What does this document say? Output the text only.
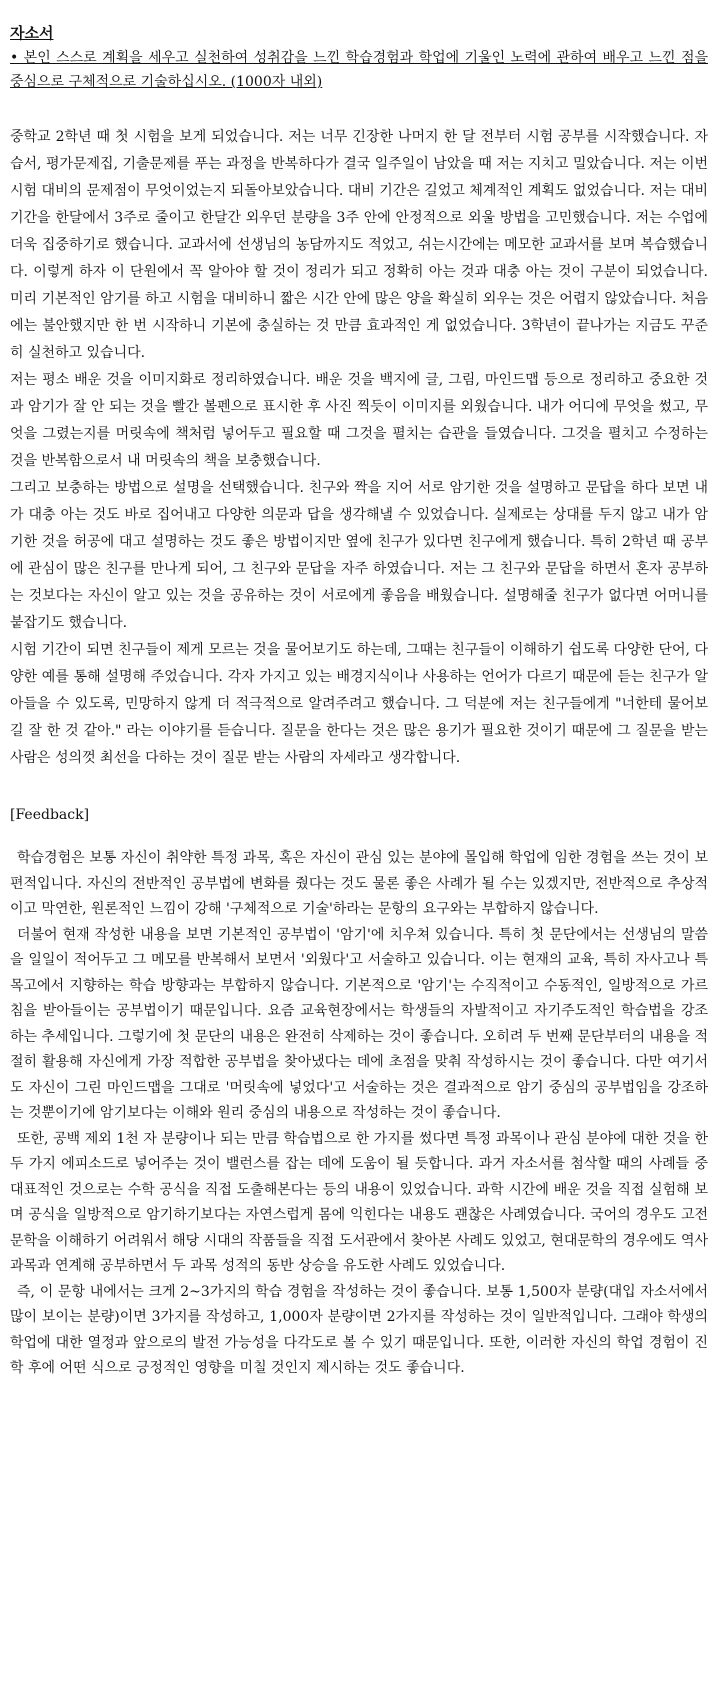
자소서
• 본인 스스로 계획을 세우고 실천하여 성취감을 느낀 학습경험과 학업에 기울인 노력에 관하여 배우고 느낀 점을 중심으로 구체적으로 기술하십시오. (1000자 내외)

중학교 2학년 때 첫 시험을 보게 되었습니다. 저는 너무 긴장한 나머지 한 달 전부터 시험 공부를 시작했습니다. 자습서, 평가문제집, 기출문제를 푸는 과정을 반복하다가 결국 일주일이 남았을 때 저는 지치고 밀았습니다. 저는 이번 시험 대비의 문제점이 무엇이었는지 되돌아보았습니다. 대비 기간은 길었고 체계적인 계획도 없었습니다. 저는 대비 기간을 한달에서 3주로 줄이고 한달간 외우던 분량을 3주 안에 안정적으로 외울 방법을 고민했습니다. 저는 수업에 더욱 집중하기로 했습니다. 교과서에 선생님의 농담까지도 적었고, 쉬는시간에는 메모한 교과서를 보며 복습했습니다. 이렇게 하자 이 단원에서 꼭 알아야 할 것이 정리가 되고 정확히 아는 것과 대충 아는 것이 구분이 되었습니다. 미리 기본적인 암기를 하고 시험을 대비하니 짧은 시간 안에 많은 양을 확실히 외우는 것은 어렵지 않았습니다. 처음에는 불안했지만 한 번 시작하니 기본에 충실하는 것 만큼 효과적인 게 없었습니다. 3학년이 끝나가는 지금도 꾸준히 실천하고 있습니다.

저는 평소 배운 것을 이미지화로 정리하였습니다. 배운 것을 백지에 글, 그림, 마인드맵 등으로 정리하고 중요한 것과 암기가 잘 안 되는 것을 빨간 볼펜으로 표시한 후 사진 찍듯이 이미지를 외웠습니다. 내가 어디에 무엇을 썼고, 무엇을 그렸는지를 머릿속에 책처럼 넣어두고 필요할 때 그것을 펼치는 습관을 들였습니다. 그것을 펼치고 수정하는 것을 반복함으로서 내 머릿속의 책을 보충했습니다.

그리고 보충하는 방법으로 설명을 선택했습니다. 친구와 짝을 지어 서로 암기한 것을 설명하고 문답을 하다 보면 내가 대충 아는 것도 바로 집어내고 다양한 의문과 답을 생각해낼 수 있었습니다. 실제로는 상대를 두지 않고 내가 암기한 것을 허공에 대고 설명하는 것도 좋은 방법이지만 옆에 친구가 있다면 친구에게 했습니다. 특히 2학년 때 공부에 관심이 많은 친구를 만나게 되어, 그 친구와 문답을 자주 하였습니다. 저는 그 친구와 문답을 하면서 혼자 공부하는 것보다는 자신이 알고 있는 것을 공유하는 것이 서로에게 좋음을 배웠습니다. 설명해줄 친구가 없다면 어머니를 붙잡기도 했습니다.

시험 기간이 되면 친구들이 제게 모르는 것을 물어보기도 하는데, 그때는 친구들이 이해하기 쉽도록 다양한 단어, 다양한 예를 통해 설명해 주었습니다. 각자 가지고 있는 배경지식이나 사용하는 언어가 다르기 때문에 듣는 친구가 알아들을 수 있도록, 민망하지 않게 더 적극적으로 알려주려고 했습니다. 그 덕분에 저는 친구들에게 "너한테 물어보길 잘 한 것 같아." 라는 이야기를 듣습니다. 질문을 한다는 것은 많은 용기가 필요한 것이기 때문에 그 질문을 받는 사람은 성의껏 최선을 다하는 것이 질문 받는 사람의 자세라고 생각합니다.

[Feedback]

학습경험은 보통 자신이 취약한 특정 과목, 혹은 자신이 관심 있는 분야에 몰입해 학업에 임한 경험을 쓰는 것이 보편적입니다. 자신의 전반적인 공부법에 변화를 줬다는 것도 물론 좋은 사례가 될 수는 있겠지만, 전반적으로 추상적이고 막연한, 원론적인 느낌이 강해 '구체적으로 기술'하라는 문항의 요구와는 부합하지 않습니다.

더불어 현재 작성한 내용을 보면 기본적인 공부법이 '암기'에 치우쳐 있습니다. 특히 첫 문단에서는 선생님의 말씀을 일일이 적어두고 그 메모를 반복해서 보면서 '외웠다'고 서술하고 있습니다. 이는 현재의 교육, 특히 자사고나 특목고에서 지향하는 학습 방향과는 부합하지 않습니다. 기본적으로 '암기'는 수직적이고 수동적인, 일방적으로 가르침을 받아들이는 공부법이기 때문입니다. 요즘 교육현장에서는 학생들의 자발적이고 자기주도적인 학습법을 강조하는 추세입니다. 그렇기에 첫 문단의 내용은 완전히 삭제하는 것이 좋습니다. 오히려 두 번째 문단부터의 내용을 적절히 활용해 자신에게 가장 적합한 공부법을 찾아냈다는 데에 초점을 맞춰 작성하시는 것이 좋습니다. 다만 여기서도 자신이 그린 마인드맵을 그대로 '머릿속에 넣었다'고 서술하는 것은 결과적으로 암기 중심의 공부법임을 강조하는 것뿐이기에 암기보다는 이해와 원리 중심의 내용으로 작성하는 것이 좋습니다.

또한, 공백 제외 1천 자 분량이나 되는 만큼 학습법으로 한 가지를 썼다면 특정 과목이나 관심 분야에 대한 것을 한두 가지 에피소드로 넣어주는 것이 밸런스를 잡는 데에 도움이 될 듯합니다. 과거 자소서를 첨삭할 때의 사례들 중 대표적인 것으로는 수학 공식을 직접 도출해본다는 등의 내용이 있었습니다. 과학 시간에 배운 것을 직접 실험해 보며 공식을 일방적으로 암기하기보다는 자연스럽게 몸에 익힌다는 내용도 괜찮은 사례였습니다. 국어의 경우도 고전문학을 이해하기 어려워서 해당 시대의 작품들을 직접 도서관에서 찾아본 사례도 있었고, 현대문학의 경우에도 역사 과목과 연계해 공부하면서 두 과목 성적의 동반 상승을 유도한 사례도 있었습니다.

즉, 이 문항 내에서는 크게 2~3가지의 학습 경험을 작성하는 것이 좋습니다. 보통 1,500자 분량(대입 자소서에서 많이 보이는 분량)이면 3가지를 작성하고, 1,000자 분량이면 2가지를 작성하는 것이 일반적입니다. 그래야 학생의 학업에 대한 열정과 앞으로의 발전 가능성을 다각도로 볼 수 있기 때문입니다. 또한, 이러한 자신의 학업 경험이 진학 후에 어떤 식으로 긍정적인 영향을 미칠 것인지 제시하는 것도 좋습니다.
